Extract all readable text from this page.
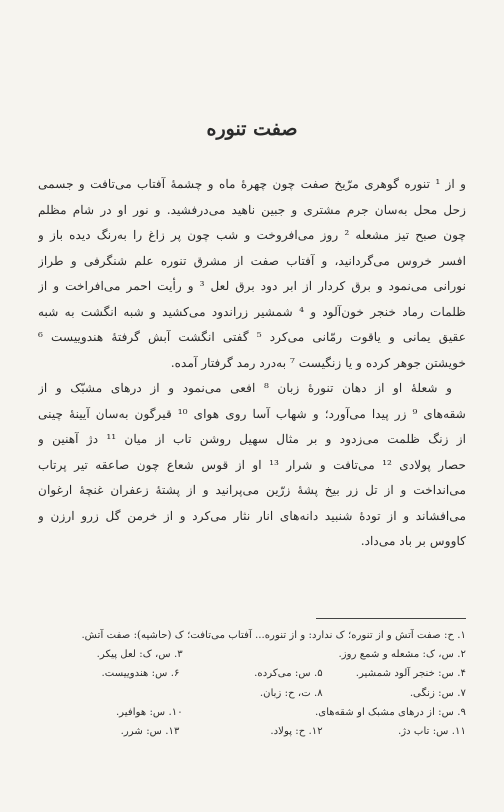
صفت تنوره
و از ¹ تنوره گوهری مرّیخ صفت چون چهرهٔ ماه و چشمهٔ آفتاب می‌تافت و جسمی
زحل محل به‌سان جرم مشتری و جبین ناهید می‌درفشید. و نور او در شام مظلم
چون صبح تیز مشعله ² روز می‌افروخت و شب چون پر زاغ را به‌رنگ دیده باز و
افسر خروس می‌گردانید، و آفتاب صفت از مشرق تنوره علم شنگرفی و طراز
نورانی می‌نمود و برق کردار از ابر دود برق لعل ³ و رأیت احمر می‌افراخت و از
ظلمات رماد خنجر خون‌آلود و ⁴ شمشیر زراندود می‌کشید و شبه انگشت به شبه
عقیق یمانی و یاقوت رمّانی می‌کرد ⁵ گفتی انگشت آبش گرفتهٔ هندوییست ⁶
خویشتن جوهر کرده و یا زنگیست ⁷ به‌درد رمد گرفتار آمده.
و شعلهٔ او از دهان تنورهٔ زبان ⁸ افعی می‌نمود و از درهای مشبّک و از
شقه‌های ⁹ زر پیدا می‌آورد؛ و شهاب آسا روی هوای ¹⁰ قیرگون به‌سان آیینهٔ چینی
از زنگ ظلمت می‌زدود و بر مثال سهیل روشن تاب از میان ¹¹ دژ آهنین و
حصار پولادی ¹² می‌تافت و شرار ¹³ او از قوس شعاع چون صاعقه تیر پرتاب
می‌انداخت و از تل زر بیخ پشهٔ زرّین می‌پرانید و از پشتهٔ زعفران غنچهٔ ارغوان
می‌افشاند و از تودهٔ شنبید دانه‌های انار نثار می‌کرد و از خرمن گل زرو ارزن و
کاووس بر باد می‌داد.
۱. ح: صفت آتش و از تنوره؛ ک ندارد: و از تنوره... آفتاب می‌تافت؛ ک (حاشیه): صفت آتش.
۲. س، ک: مشعله و شمع روز. ۳. س، ک: لعل پیکر.
۴. س: خنجر آلود شمشیر. ۵. س: می‌کرده. ۶. س: هندوییست.
۷. س: زنگی. ۸. ت، ح: زبان.
۹. س: از درهای مشبک او شقه‌های. ۱۰. س: هوافیر.
۱۱. س: تاب دژ. ۱۲. ح: پولاد. ۱۳. س: شرر.
